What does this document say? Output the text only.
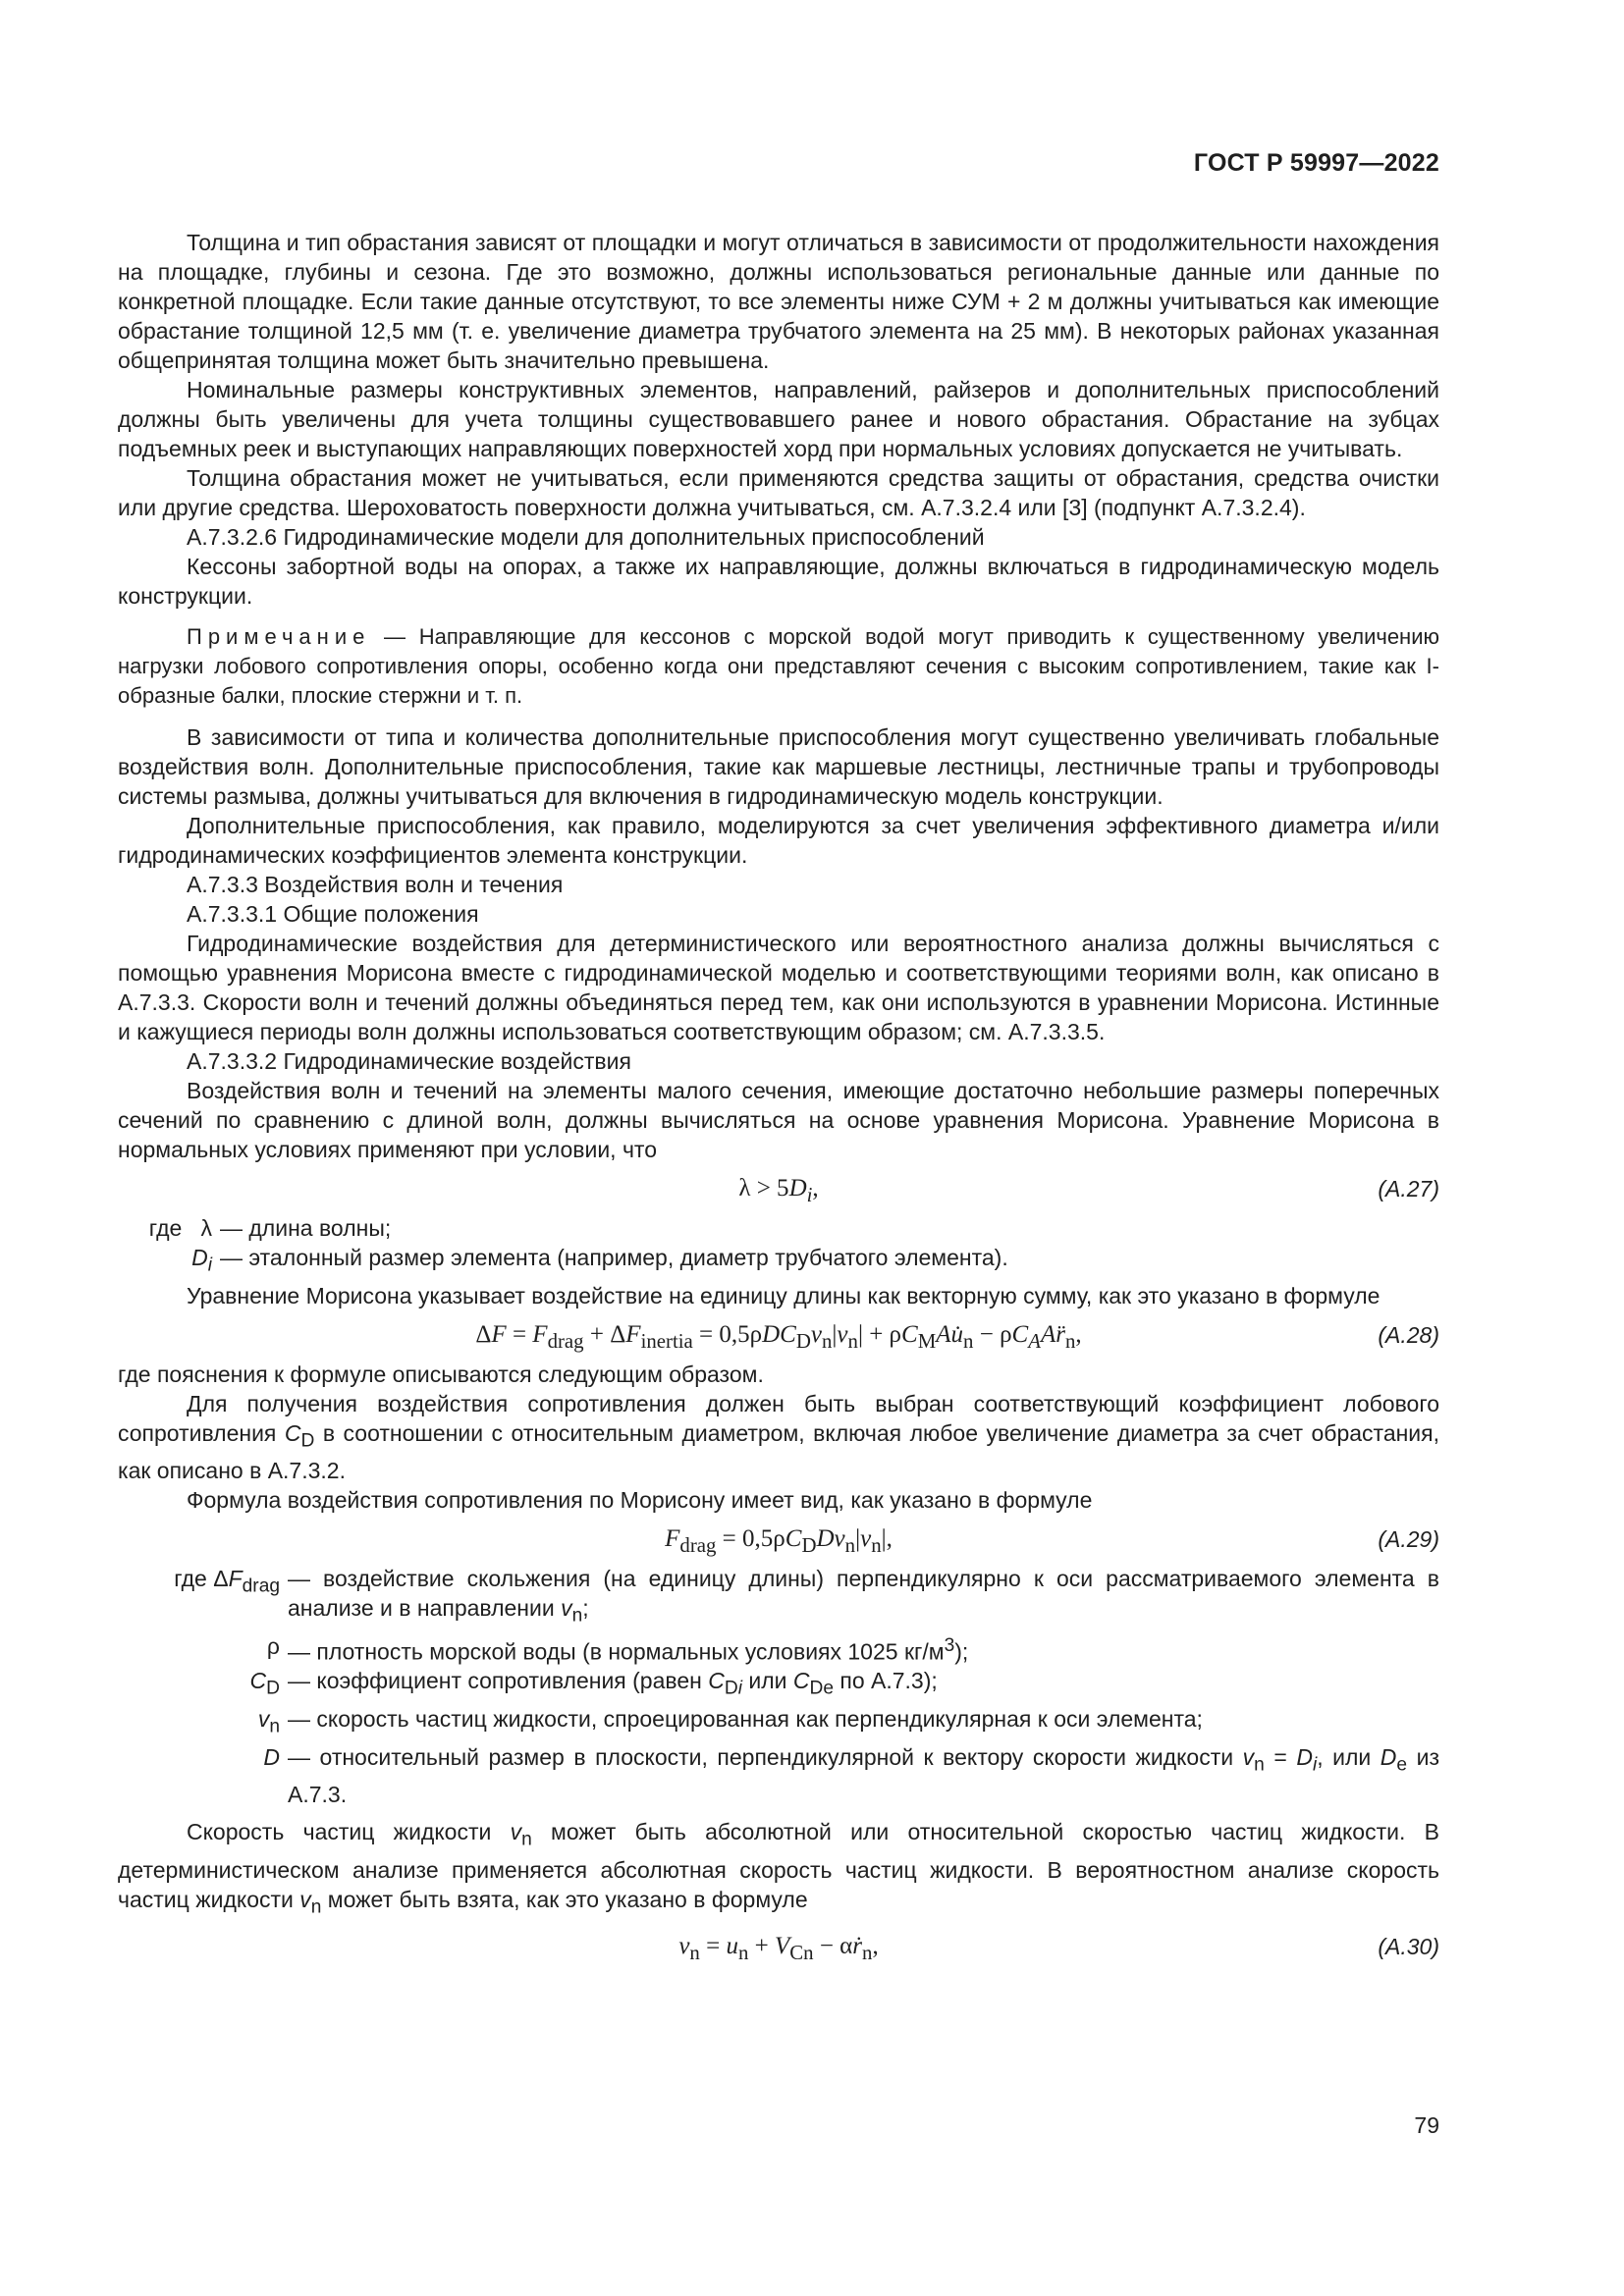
ГОСТ Р 59997—2022

Толщина и тип обрастания зависят от площадки и могут отличаться в зависимости от продолжительности нахождения на площадке, глубины и сезона. Где это возможно, должны использоваться региональные данные или данные по конкретной площадке. Если такие данные отсутствуют, то все элементы ниже СУМ + 2 м должны учитываться как имеющие обрастание толщиной 12,5 мм (т. е. увеличение диаметра трубчатого элемента на 25 мм). В некоторых районах указанная общепринятая толщина может быть значительно превышена.

Номинальные размеры конструктивных элементов, направлений, райзеров и дополнительных приспособлений должны быть увеличены для учета толщины существовавшего ранее и нового обрастания. Обрастание на зубцах подъемных реек и выступающих направляющих поверхностей хорд при нормальных условиях допускается не учитывать.

Толщина обрастания может не учитываться, если применяются средства защиты от обрастания, средства очистки или другие средства. Шероховатость поверхности должна учитываться, см. А.7.3.2.4 или [3] (подпункт А.7.3.2.4).

А.7.3.2.6 Гидродинамические модели для дополнительных приспособлений

Кессоны забортной воды на опорах, а также их направляющие, должны включаться в гидродинамическую модель конструкции.

Примечание — Направляющие для кессонов с морской водой могут приводить к существенному увеличению нагрузки лобового сопротивления опоры, особенно когда они представляют сечения с высоким сопротивлением, такие как I-образные балки, плоские стержни и т. п.

В зависимости от типа и количества дополнительные приспособления могут существенно увеличивать глобальные воздействия волн. Дополнительные приспособления, такие как маршевые лестницы, лестничные трапы и трубопроводы системы размыва, должны учитываться для включения в гидродинамическую модель конструкции.

Дополнительные приспособления, как правило, моделируются за счет увеличения эффективного диаметра и/или гидродинамических коэффициентов элемента конструкции.

А.7.3.3 Воздействия волн и течения

А.7.3.3.1 Общие положения

Гидродинамические воздействия для детерминистического или вероятностного анализа должны вычисляться с помощью уравнения Морисона вместе с гидродинамической моделью и соответствующими теориями волн, как описано в А.7.3.3. Скорости волн и течений должны объединяться перед тем, как они используются в уравнении Морисона. Истинные и кажущиеся периоды волн должны использоваться соответствующим образом; см. А.7.3.3.5.

А.7.3.3.2 Гидродинамические воздействия

Воздействия волн и течений на элементы малого сечения, имеющие достаточно небольшие размеры поперечных сечений по сравнению с длиной волн, должны вычисляться на основе уравнения Морисона. Уравнение Морисона в нормальных условиях применяют при условии, что

$\lambda > 5D_i$,	(A.27)
где   λ — длина волны;
$D_i$ — эталонный размер элемента (например, диаметр трубчатого элемента).

Уравнение Морисона указывает воздействие на единицу длины как векторную сумму, как это указано в формуле

$\Delta F = F_{drag} + \Delta F_{inertia} = 0,5\rho DC_Dv_n|v_n|$ + $\rho C_MAu̇_n$ − $\rho C_AAr̈_n$,	(A.28)

где пояснения к формуле описываются следующим образом.

Для получения воздействия сопротивления должен быть выбран соответствующий коэффициент лобового сопротивления $C_D$ в соотношении с относительным диаметром, включая любое увеличение диаметра за счет обрастания, как описано в А.7.3.2.

Формула воздействия сопротивления по Морисону имеет вид, как указано в формуле

$F_{drag} = 0,5\rho C_DDv_n|v_n|$,	(A.29)
где $\Delta F_{drag}$ — воздействие скольжения (на единицу длины) перпендикулярно к оси рассматриваемого элемента в анализе и в направлении $v_n$;
ρ — плотность морской воды (в нормальных условиях 1025 $кг/м^3$);
$C_D$ — коэффициент сопротивления (равен $C_{Di}$ или $C_{De}$ по А.7.3);
$v_n$ — скорость частиц жидкости, спроецированная как перпендикулярная к оси элемента;
D — относительный размер в плоскости, перпендикулярной к вектору скорости жидкости $v_n = D_i$, или $D_e$ из А.7.3.

Скорость частиц жидкости $v_n$ может быть абсолютной или относительной скоростью частиц жидкости. В детерминистическом анализе применяется абсолютная скорость частиц жидкости. В вероятностном анализе скорость частиц жидкости $v_n$ может быть взята, как это указано в формуле

$v_n = u_n + V_{Cn}$ − αṙ$_n$,	(A.30)
79
